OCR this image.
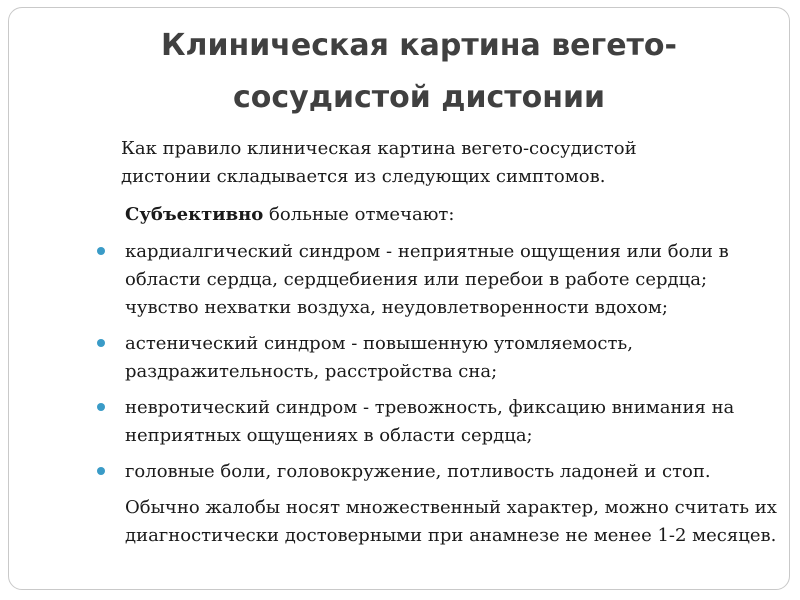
Клиническая картина вегето-сосудистой дистонии

Как правило клиническая картина вегето-сосудистой
дистонии складывается из следующих симптомов.

Субъективно больные отмечают:

кардиалгический синдром - неприятные ощущения или боли в области сердца, сердцебиения или перебои в работе сердца; чувство нехватки воздуха, неудовлетворенности вдохом;
астенический синдром - повышенную утомляемость, раздражительность, расстройства сна;
невротический синдром - тревожность, фиксацию внимания на неприятных ощущениях в области сердца;
головные боли, головокружение, потливость ладоней и стоп.

Обычно жалобы носят множественный характер, можно считать их диагностически достоверными при анамнезе не менее 1-2 месяцев.
